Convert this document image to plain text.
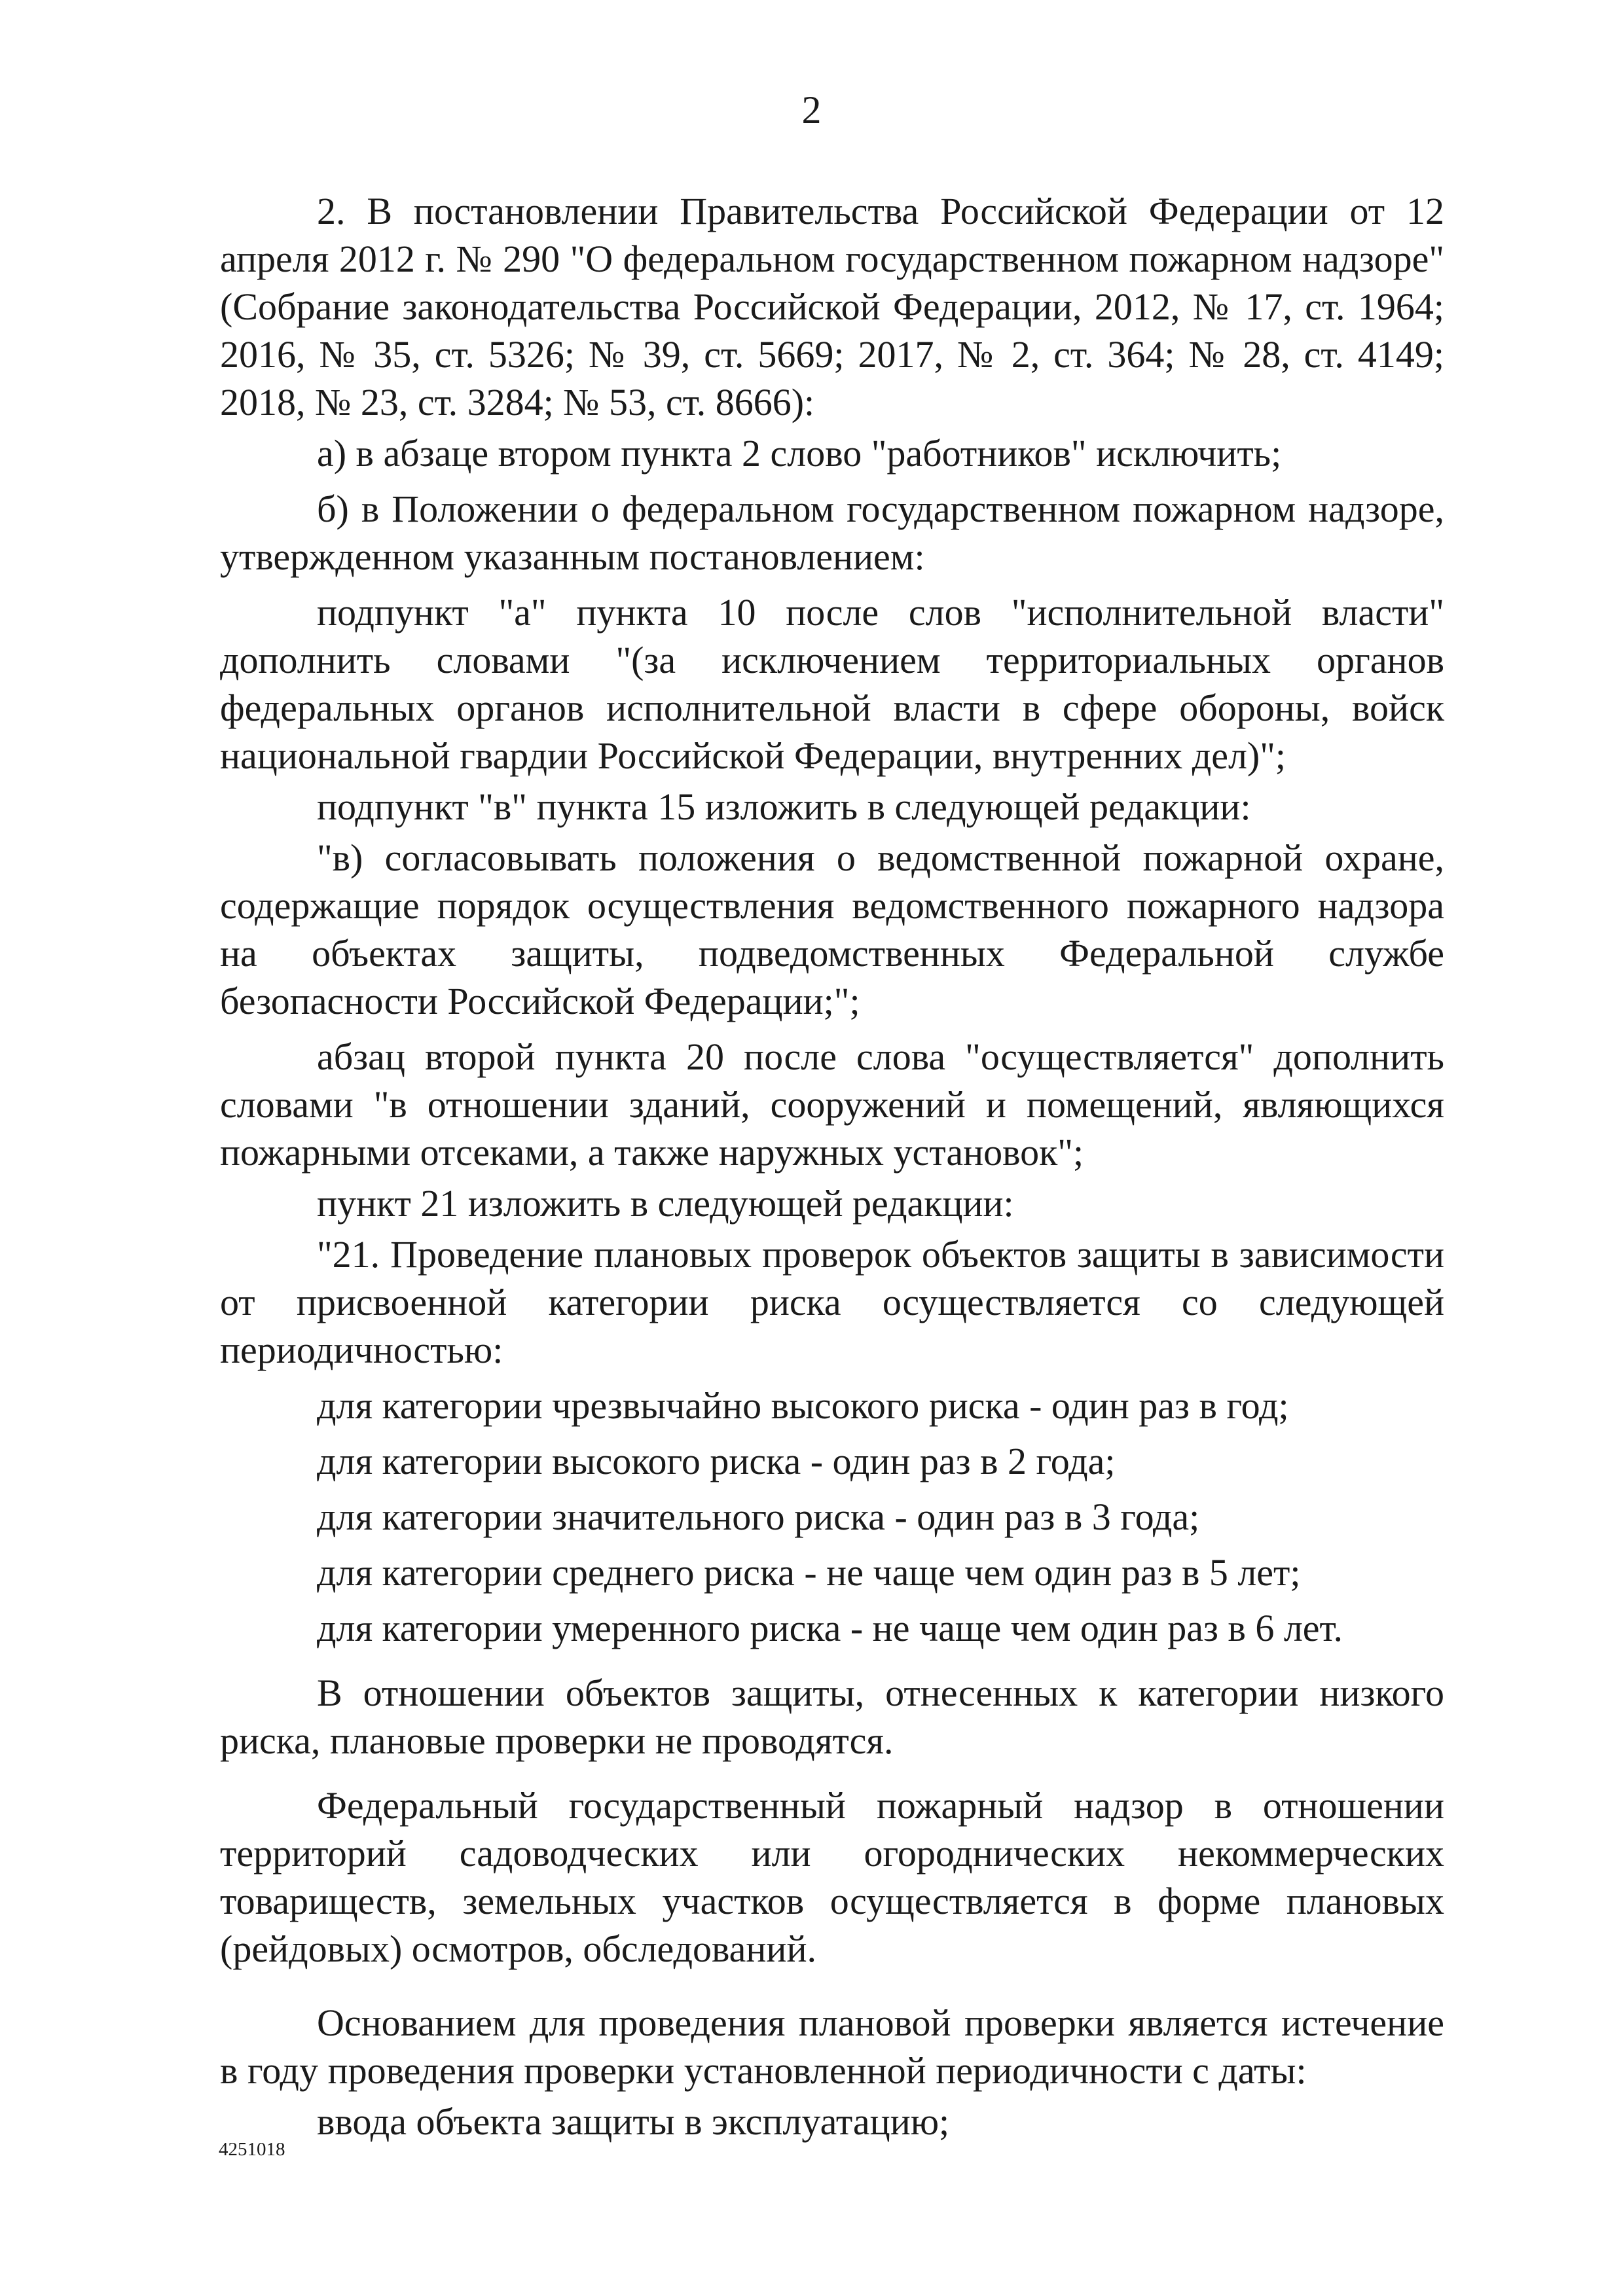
2

2. В постановлении Правительства Российской Федерации от 12 апреля 2012 г. № 290 "О федеральном государственном пожарном надзоре" (Собрание законодательства Российской Федерации, 2012, № 17, ст. 1964; 2016, № 35, ст. 5326; № 39, ст. 5669; 2017, № 2, ст. 364; № 28, ст. 4149; 2018, № 23, ст. 3284; № 53, ст. 8666):

а) в абзаце втором пункта 2 слово "работников" исключить;

б) в Положении о федеральном государственном пожарном надзоре, утвержденном указанным постановлением:

подпункт "а" пункта 10 после слов "исполнительной власти" дополнить словами "(за исключением территориальных органов федеральных органов исполнительной власти в сфере обороны, войск национальной гвардии Российской Федерации, внутренних дел)";

подпункт "в" пункта 15 изложить в следующей редакции:

"в) согласовывать положения о ведомственной пожарной охране, содержащие порядок осуществления ведомственного пожарного надзора на объектах защиты, подведомственных Федеральной службе безопасности Российской Федерации;";

абзац второй пункта 20 после слова "осуществляется" дополнить словами "в отношении зданий, сооружений и помещений, являющихся пожарными отсеками, а также наружных установок";

пункт 21 изложить в следующей редакции:

"21. Проведение плановых проверок объектов защиты в зависимости от присвоенной категории риска осуществляется со следующей периодичностью:

для категории чрезвычайно высокого риска - один раз в год;

для категории высокого риска - один раз в 2 года;

для категории значительного риска - один раз в 3 года;

для категории среднего риска - не чаще чем один раз в 5 лет;

для категории умеренного риска - не чаще чем один раз в 6 лет.

В отношении объектов защиты, отнесенных к категории низкого риска, плановые проверки не проводятся.

Федеральный государственный пожарный надзор в отношении территорий садоводческих или огороднических некоммерческих товариществ, земельных участков осуществляется в форме плановых (рейдовых) осмотров, обследований.

Основанием для проведения плановой проверки является истечение в году проведения проверки установленной периодичности с даты:

ввода объекта защиты в эксплуатацию;

4251018
